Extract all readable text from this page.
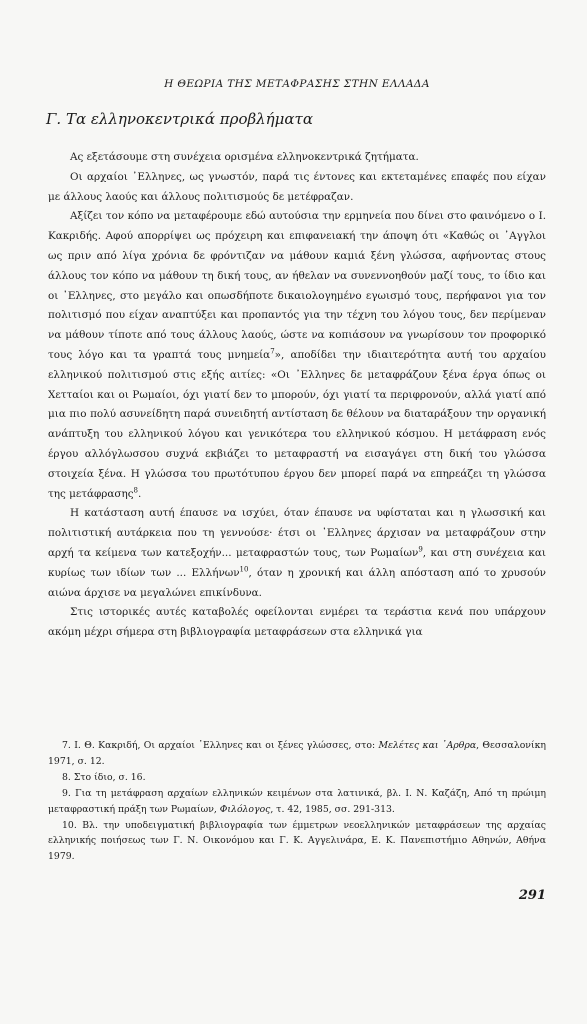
Η ΘΕΩΡΙΑ ΤΗΣ ΜΕΤΑΦΡΑΣΗΣ ΣΤΗΝ ΕΛΛΑΔΑ
Γ. Τα ελληνοκεντρικά προβλήματα

Ας εξετάσουμε στη συνέχεια ορισμένα ελληνοκεντρικά ζητήματα.

Οι αρχαίοι ᾽Ελληνες, ως γνωστόν, παρά τις έντονες και εκτεταμένες επαφές που είχαν με άλλους λαούς και άλλους πολιτισμούς δε μετέφραζαν.

Αξίζει τον κόπο να μεταφέρουμε εδώ αυτούσια την ερμηνεία που δίνει στο φαινόμενο ο Ι. Κακριδής. Αφού απορρίψει ως πρόχειρη και επιφανειακή την άποψη ότι «Καθώς οι ᾽Αγγλοι ως πριν από λίγα χρόνια δε φρόντιζαν να μάθουν καμιά ξένη γλώσσα, αφήνοντας στους άλλους τον κόπο να μάθουν τη δική τους, αν ήθελαν να συνεννοηθούν μαζί τους, το ίδιο και οι ᾽Ελληνες, στο μεγάλο και οπωσδήποτε δικαιολογημένο εγωισμό τους, περήφανοι για τον πολιτισμό που είχαν αναπτύξει και προπαντός για την τέχνη του λόγου τους, δεν περίμεναν να μάθουν τίποτε από τους άλλους λαούς, ώστε να κοπιάσουν να γνωρίσουν τον προφορικό τους λόγο και τα γραπτά τους μνημεία$^7$», αποδίδει την ιδιαιτερότητα αυτή του αρχαίου ελληνικού πολιτισμού στις εξής αιτίες: «Οι ᾽Ελληνες δε μεταφράζουν ξένα έργα όπως οι Χετταίοι και οι Ρωμαίοι, όχι γιατί δεν το μπορούν, όχι γιατί τα περιφρονούν, αλλά γιατί από μια πιο πολύ ασυνείδητη παρά συνειδητή αντίσταση δε θέλουν να διαταράξουν την οργανική ανάπτυξη του ελληνικού λόγου και γενικότερα του ελληνικού κόσμου. Η μετάφραση ενός έργου αλλόγλωσσου συχνά εκβιάζει το μεταφραστή να εισαγάγει στη δική του γλώσσα στοιχεία ξένα. Η γλώσσα του πρωτότυπου έργου δεν μπορεί παρά να επηρεάζει τη γλώσσα της μετάφρασης$^8$.

Η κατάσταση αυτή έπαυσε να ισχύει, όταν έπαυσε να υφίσταται και η γλωσσική και πολιτιστική αυτάρκεια που τη γεννούσε· έτσι οι ᾽Ελληνες άρχισαν να μεταφράζουν στην αρχή τα κείμενα των κατεξοχήν... μεταφραστών τους, των Ρωμαίων$^9$, και στη συνέχεια και κυρίως των ιδίων των ... Ελλήνων$^{10}$, όταν η χρονική και άλλη απόσταση από το χρυσούν αιώνα άρχισε να μεγαλώνει επικίνδυνα.

Στις ιστορικές αυτές καταβολές οφείλονται ενμέρει τα τεράστια κενά που υπάρχουν ακόμη μέχρι σήμερα στη βιβλιογραφία μεταφράσεων στα ελληνικά για

7. Ι. Θ. Κακριδή, Οι αρχαίοι ᾽Ελληνες και οι ξένες γλώσσες, στο: Μελέτες και ᾽Αρθρα, Θεσσαλονίκη 1971, σ. 12.

8. Στο ίδιο, σ. 16.

9. Για τη μετάφραση αρχαίων ελληνικών κειμένων στα λατινικά, βλ. Ι. Ν. Καζάζη, Από τη πρώιμη μεταφραστική πράξη των Ρωμαίων, Φιλόλογος, τ. 42, 1985, σσ. 291-313.

10. Βλ. την υποδειγματική βιβλιογραφία των έμμετρων νεοελληνικών μεταφράσεων της αρχαίας ελληνικής ποιήσεως των Γ. Ν. Οικονόμου και Γ. Κ. Αγγελινάρα, Ε. Κ. Πανεπιστήμιο Αθηνών, Αθήνα 1979.

291
